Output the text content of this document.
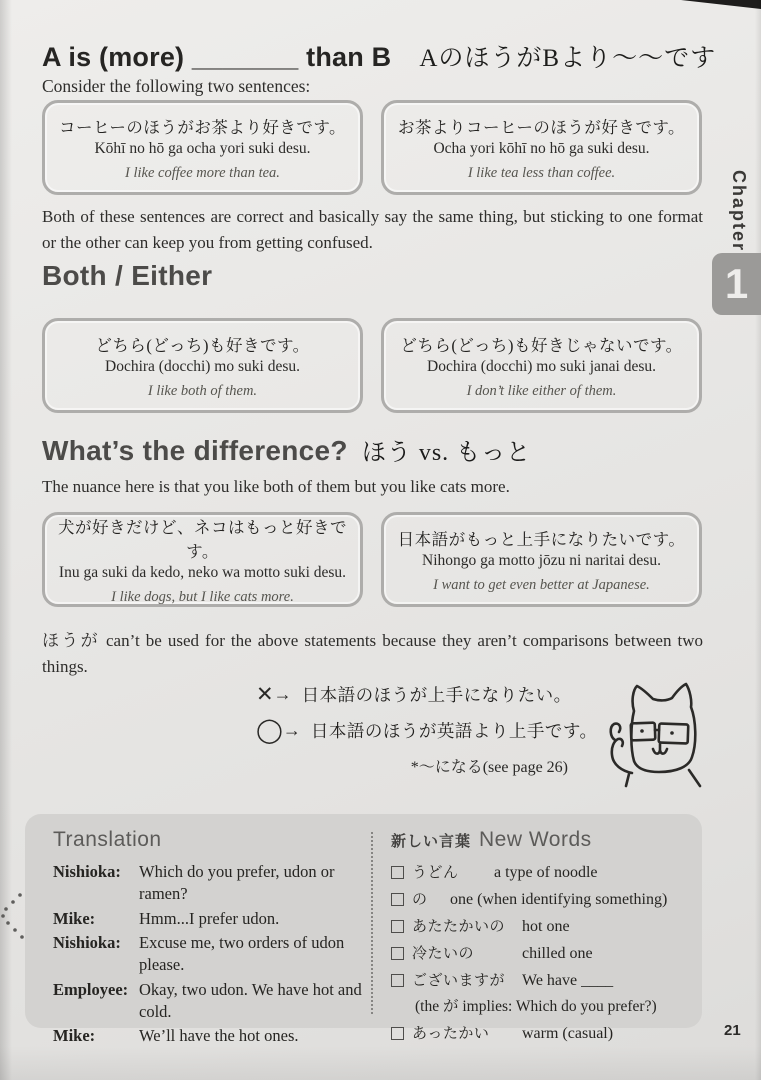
A is (more) _______ than B AのほうがBより〜〜です
Consider the following two sentences:
コーヒーのほうがお茶より好きです。
Kōhī no hō ga ocha yori suki desu.
I like coffee more than tea.
お茶よりコーヒーのほうが好きです。
Ocha yori kōhī no hō ga suki desu.
I like tea less than coffee.
Both of these sentences are correct and basically say the same thing, but sticking to one format or the other can keep you from getting confused.
Both / Either
どちら(どっち)も好きです。
Dochira (docchi) mo suki desu.
I like both of them.
どちら(どっち)も好きじゃないです。
Dochira (docchi) mo suki janai desu.
I don’t like either of them.
What’s the difference? ほう vs. もっと
The nuance here is that you like both of them but you like cats more.
犬が好きだけど、ネコはもっと好きです。
Inu ga suki da kedo, neko wa motto suki desu.
I like dogs, but I like cats more.
日本語がもっと上手になりたいです。
Nihongo ga motto jōzu ni naritai desu.
I want to get even better at Japanese.
ほうが can’t be used for the above statements because they aren’t comparisons between two things.
✕ → 日本語のほうが上手になりたい。
◯ → 日本語のほうが英語より上手です。
*〜になる(see page 26)
Translation
Nishioka:	Which do you prefer, udon or ramen?
Mike:	Hmm...I prefer udon.
Nishioka:	Excuse me, two orders of udon please.
Employee: Okay, two udon. We have hot and cold.
Mike:	We’ll have the hot ones.
新しい言葉 New Words
うどん	a type of noodle
の	one (when identifying something)
あたたかいの	hot one
冷たいの	chilled one
ございますが	We have ____
(the が implies: Which do you prefer?)
あったかい	warm (casual)	21
Chapter
1
